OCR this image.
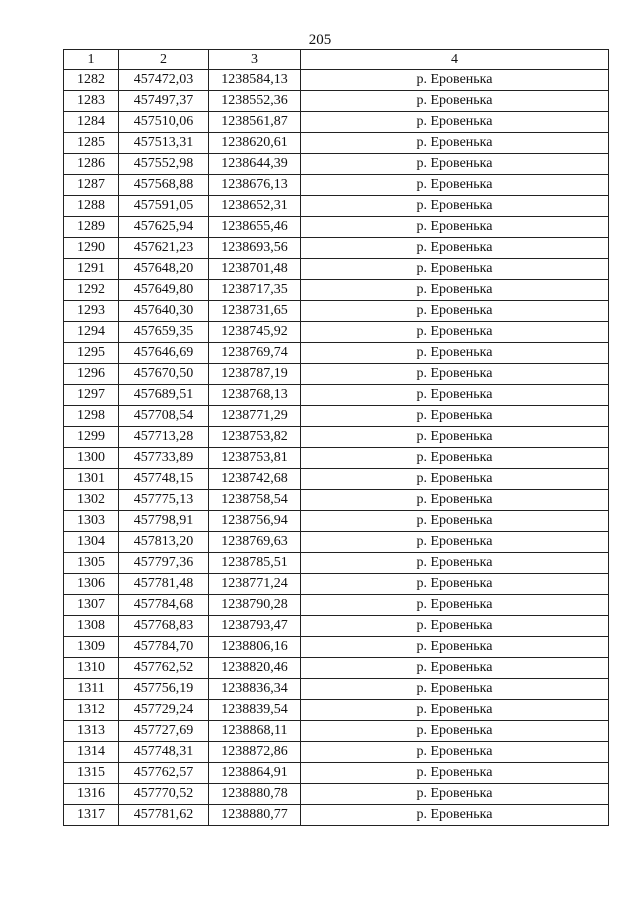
205
1	2	3	4
1282	457472,03	1238584,13	р. Еровенька
1283	457497,37	1238552,36	р. Еровенька
1284	457510,06	1238561,87	р. Еровенька
1285	457513,31	1238620,61	р. Еровенька
1286	457552,98	1238644,39	р. Еровенька
1287	457568,88	1238676,13	р. Еровенька
1288	457591,05	1238652,31	р. Еровенька
1289	457625,94	1238655,46	р. Еровенька
1290	457621,23	1238693,56	р. Еровенька
1291	457648,20	1238701,48	р. Еровенька
1292	457649,80	1238717,35	р. Еровенька
1293	457640,30	1238731,65	р. Еровенька
1294	457659,35	1238745,92	р. Еровенька
1295	457646,69	1238769,74	р. Еровенька
1296	457670,50	1238787,19	р. Еровенька
1297	457689,51	1238768,13	р. Еровенька
1298	457708,54	1238771,29	р. Еровенька
1299	457713,28	1238753,82	р. Еровенька
1300	457733,89	1238753,81	р. Еровенька
1301	457748,15	1238742,68	р. Еровенька
1302	457775,13	1238758,54	р. Еровенька
1303	457798,91	1238756,94	р. Еровенька
1304	457813,20	1238769,63	р. Еровенька
1305	457797,36	1238785,51	р. Еровенька
1306	457781,48	1238771,24	р. Еровенька
1307	457784,68	1238790,28	р. Еровенька
1308	457768,83	1238793,47	р. Еровенька
1309	457784,70	1238806,16	р. Еровенька
1310	457762,52	1238820,46	р. Еровенька
1311	457756,19	1238836,34	р. Еровенька
1312	457729,24	1238839,54	р. Еровенька
1313	457727,69	1238868,11	р. Еровенька
1314	457748,31	1238872,86	р. Еровенька
1315	457762,57	1238864,91	р. Еровенька
1316	457770,52	1238880,78	р. Еровенька
1317	457781,62	1238880,77	р. Еровенька
